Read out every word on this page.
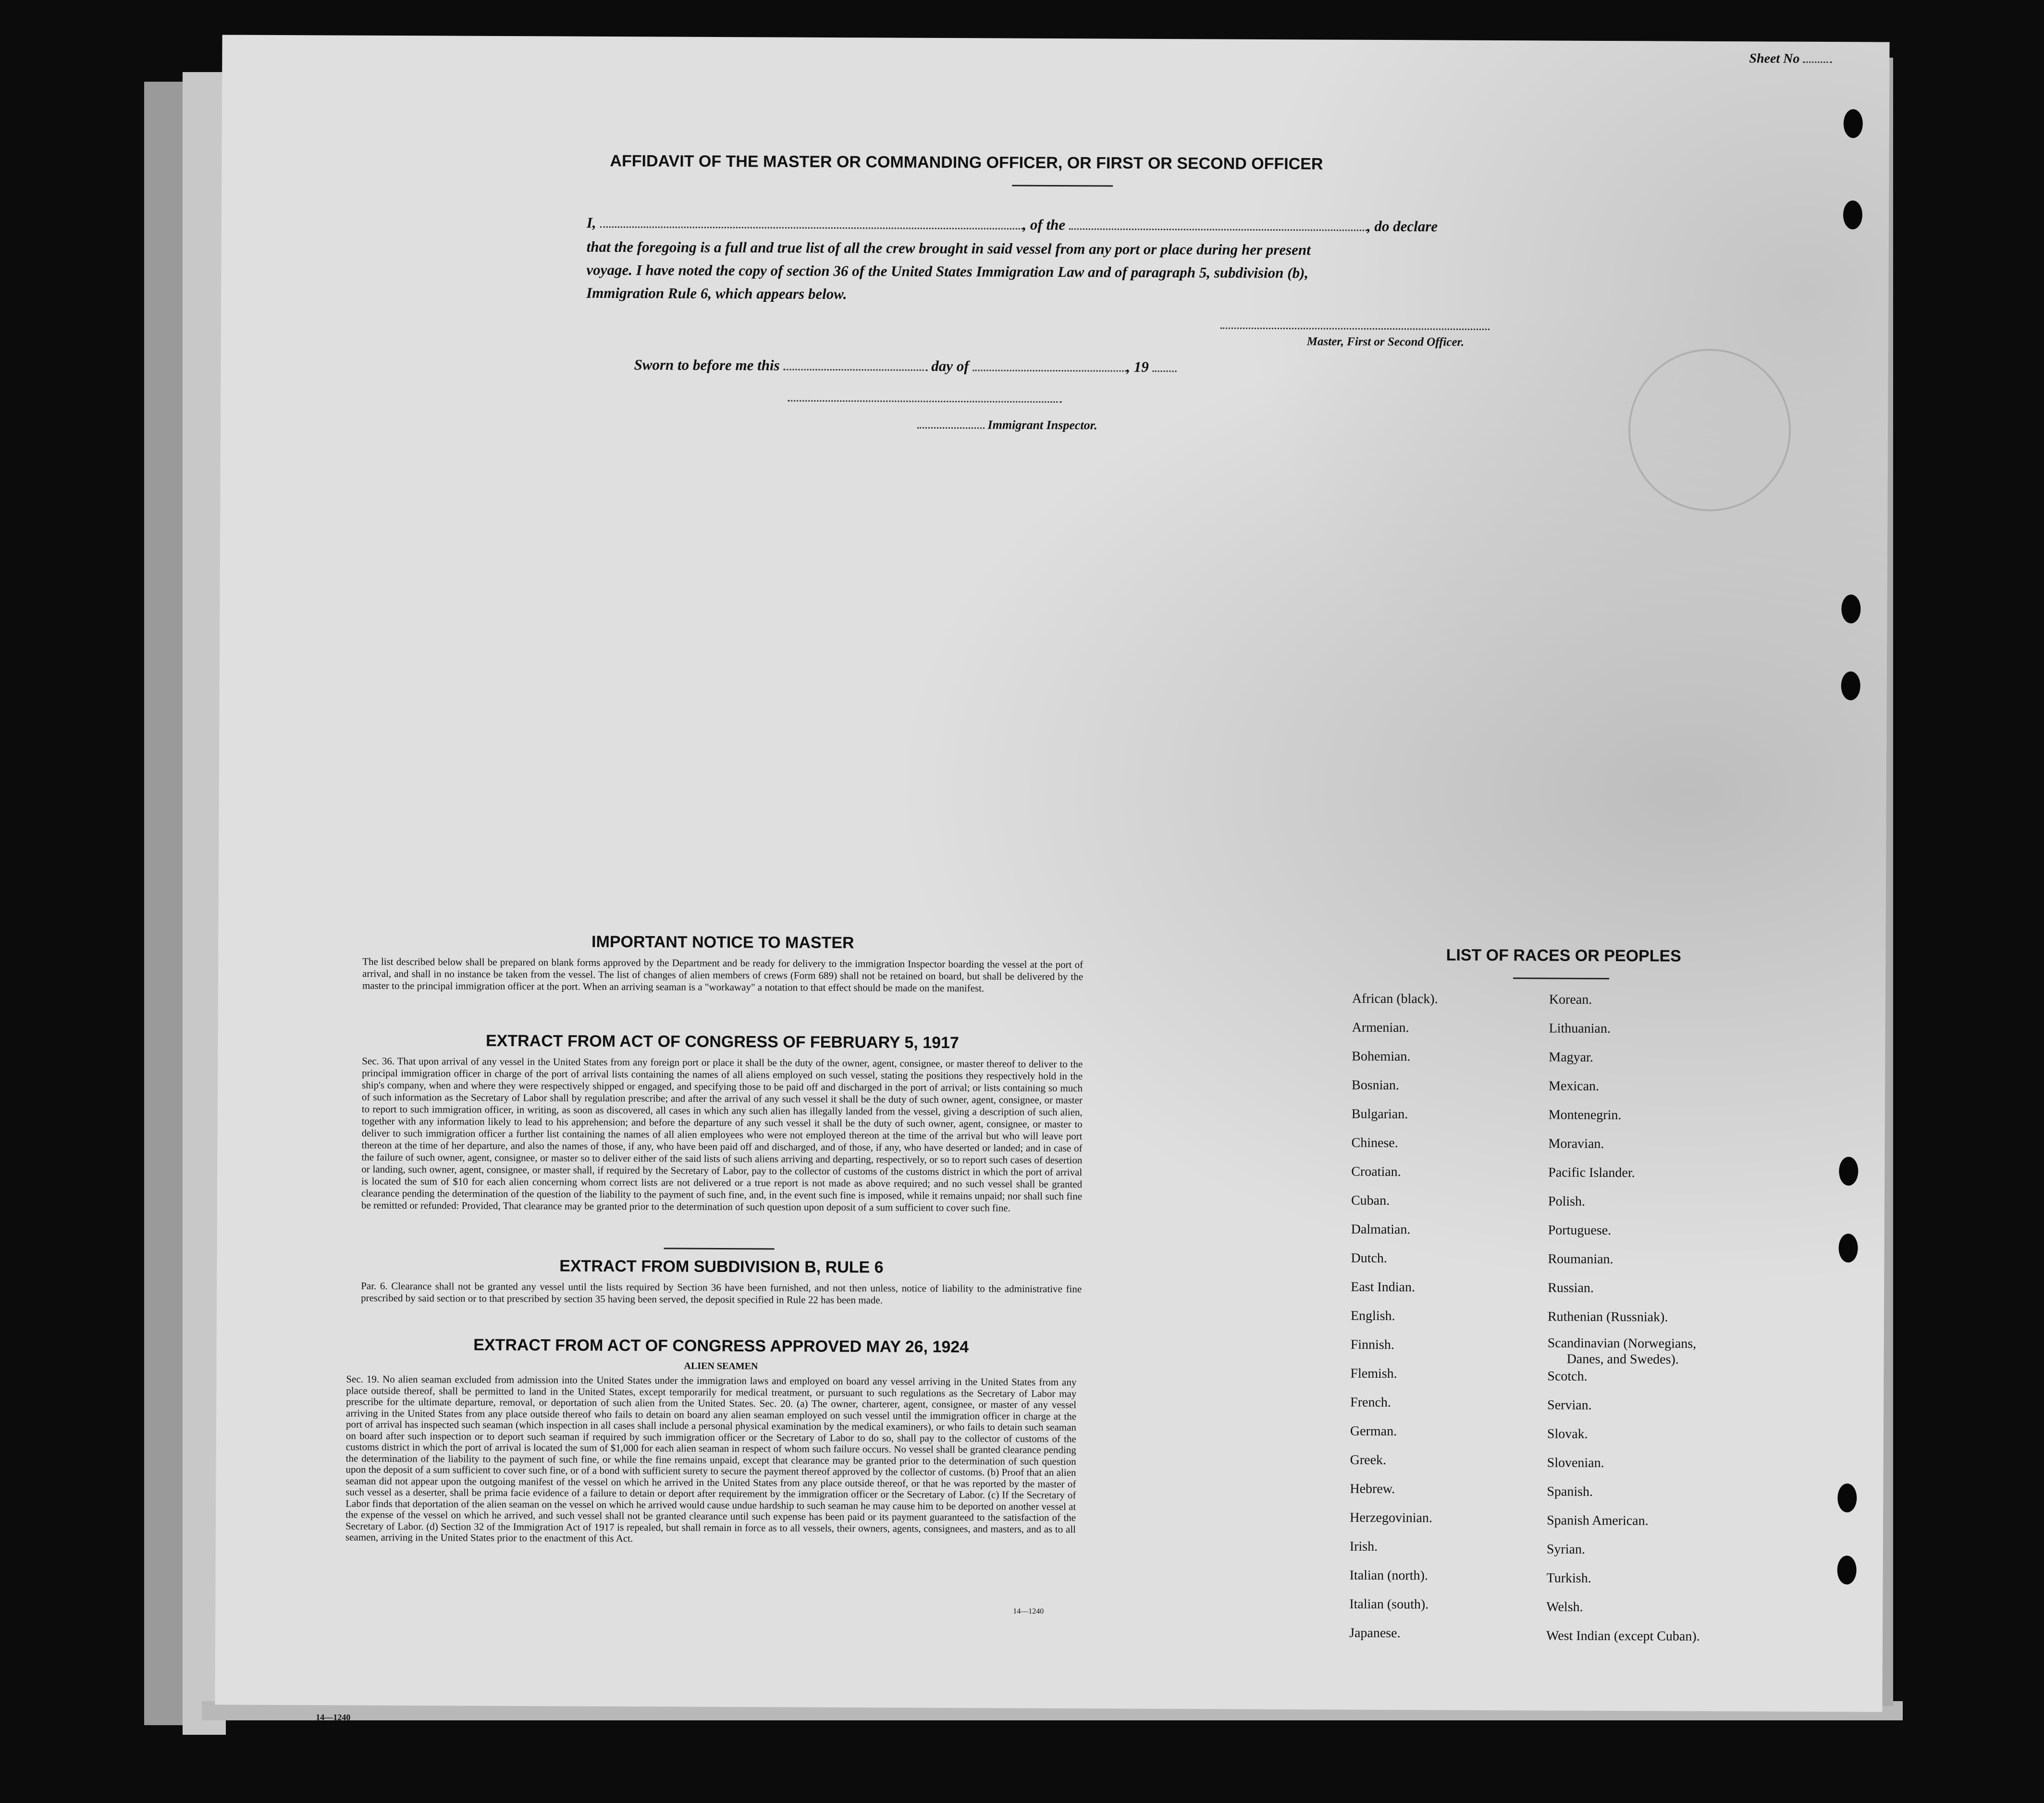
Sheet No
AFFIDAVIT OF THE MASTER OR COMMANDING OFFICER, OR FIRST OR SECOND OFFICER
I,	, of the	, do declare
that the foregoing is a full and true list of all the crew brought in said vessel from any port or place during her present
voyage. I have noted the copy of section 36 of the United States Immigration Law and of paragraph 5, subdivision (b),
Immigration Rule 6, which appears below.
Master, First or Second Officer.
Sworn to before me this	day of	, 19
Immigrant Inspector.
IMPORTANT NOTICE TO MASTER
The list described below shall be prepared on blank forms approved by the Department and be ready for delivery to the immigration Inspector boarding the vessel at the port of arrival, and shall in no instance be taken from the vessel. The list of changes of alien members of crews (Form 689) shall not be retained on board, but shall be delivered by the master to the principal immigration officer at the port. When an arriving seaman is a "workaway" a notation to that effect should be made on the manifest.
EXTRACT FROM ACT OF CONGRESS OF FEBRUARY 5, 1917
Sec. 36. That upon arrival of any vessel in the United States from any foreign port or place it shall be the duty of the owner, agent, consignee, or master thereof to deliver to the principal immigration officer in charge of the port of arrival lists containing the names of all aliens employed on such vessel, stating the positions they respectively hold in the ship's company, when and where they were respectively shipped or engaged, and specifying those to be paid off and discharged in the port of arrival; or lists containing so much of such information as the Secretary of Labor shall by regulation prescribe; and after the arrival of any such vessel it shall be the duty of such owner, agent, consignee, or master to report to such immigration officer, in writing, as soon as discovered, all cases in which any such alien has illegally landed from the vessel, giving a description of such alien, together with any information likely to lead to his apprehension; and before the departure of any such vessel it shall be the duty of such owner, agent, consignee, or master to deliver to such immigration officer a further list containing the names of all alien employees who were not employed thereon at the time of the arrival but who will leave port thereon at the time of her departure, and also the names of those, if any, who have been paid off and discharged, and of those, if any, who have deserted or landed; and in case of the failure of such owner, agent, consignee, or master so to deliver either of the said lists of such aliens arriving and departing, respectively, or so to report such cases of desertion or landing, such owner, agent, consignee, or master shall, if required by the Secretary of Labor, pay to the collector of customs of the customs district in which the port of arrival is located the sum of $10 for each alien concerning whom correct lists are not delivered or a true report is not made as above required; and no such vessel shall be granted clearance pending the determination of the question of the liability to the payment of such fine, and, in the event such fine is imposed, while it remains unpaid; nor shall such fine be remitted or refunded: Provided, That clearance may be granted prior to the determination of such question upon deposit of a sum sufficient to cover such fine.
EXTRACT FROM SUBDIVISION B, RULE 6
Par. 6. Clearance shall not be granted any vessel until the lists required by Section 36 have been furnished, and not then unless, notice of liability to the administrative fine prescribed by said section or to that prescribed by section 35 having been served, the deposit specified in Rule 22 has been made.
EXTRACT FROM ACT OF CONGRESS APPROVED MAY 26, 1924
ALIEN SEAMEN
Sec. 19. No alien seaman excluded from admission into the United States under the immigration laws and employed on board any vessel arriving in the United States from any place outside thereof, shall be permitted to land in the United States, except temporarily for medical treatment, or pursuant to such regulations as the Secretary of Labor may prescribe for the ultimate departure, removal, or deportation of such alien from the United States. Sec. 20. (a) The owner, charterer, agent, consignee, or master of any vessel arriving in the United States from any place outside thereof who fails to detain on board any alien seaman employed on such vessel until the immigration officer in charge at the port of arrival has inspected such seaman (which inspection in all cases shall include a personal physical examination by the medical examiners), or who fails to detain such seaman on board after such inspection or to deport such seaman if required by such immigration officer or the Secretary of Labor to do so, shall pay to the collector of customs of the customs district in which the port of arrival is located the sum of $1,000 for each alien seaman in respect of whom such failure occurs. No vessel shall be granted clearance pending the determination of the liability to the payment of such fine, or while the fine remains unpaid, except that clearance may be granted prior to the determination of such question upon the deposit of a sum sufficient to cover such fine, or of a bond with sufficient surety to secure the payment thereof approved by the collector of customs. (b) Proof that an alien seaman did not appear upon the outgoing manifest of the vessel on which he arrived in the United States from any place outside thereof, or that he was reported by the master of such vessel as a deserter, shall be prima facie evidence of a failure to detain or deport after requirement by the immigration officer or the Secretary of Labor. (c) If the Secretary of Labor finds that deportation of the alien seaman on the vessel on which he arrived would cause undue hardship to such seaman he may cause him to be deported on another vessel at the expense of the vessel on which he arrived, and such vessel shall not be granted clearance until such expense has been paid or its payment guaranteed to the satisfaction of the Secretary of Labor. (d) Section 32 of the Immigration Act of 1917 is repealed, but shall remain in force as to all vessels, their owners, agents, consignees, and masters, and as to all seamen, arriving in the United States prior to the enactment of this Act.
14—1240
14—1240
LIST OF RACES OR PEOPLES
African (black).
Armenian.
Bohemian.
Bosnian.
Bulgarian.
Chinese.
Croatian.
Cuban.
Dalmatian.
Dutch.
East Indian.
English.
Finnish.
Flemish.
French.
German.
Greek.
Hebrew.
Herzegovinian.
Irish.
Italian (north).
Italian (south).
Japanese.
Korean.
Lithuanian.
Magyar.
Mexican.
Montenegrin.
Moravian.
Pacific Islander.
Polish.
Portuguese.
Roumanian.
Russian.
Ruthenian (Russniak).
Scandinavian (Norwegians,
Danes, and Swedes).
Scotch.
Servian.
Slovak.
Slovenian.
Spanish.
Spanish American.
Syrian.
Turkish.
Welsh.
West Indian (except Cuban).
